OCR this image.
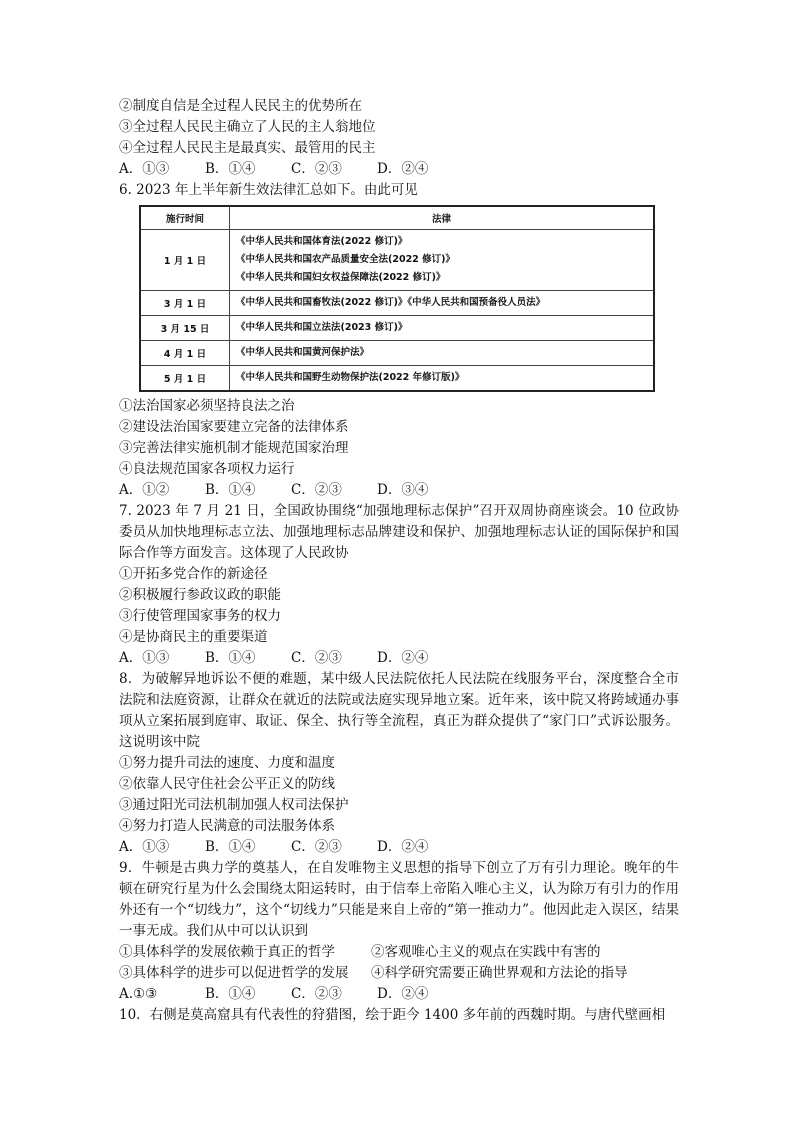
②制度自信是全过程人民民主的优势所在
③全过程人民民主确立了人民的主人翁地位
④全过程人民民主是最真实、最管用的民主
A．①③	B．①④	C．②③	D．②④
6. 2023 年上半年新生效法律汇总如下。由此可见
施行时间	法律
1 月 1 日	《中华人民共和国体育法(2022 修订)》
《中华人民共和国农产品质量安全法(2022 修订)》
《中华人民共和国妇女权益保障法(2022 修订)》

3 月 1 日	《中华人民共和国畜牧法(2022 修订)》《中华人民共和国预备役人员法》
3 月 15 日	《中华人民共和国立法法(2023 修订)》
4 月 1 日	《中华人民共和国黄河保护法》
5 月 1 日	《中华人民共和国野生动物保护法(2022 年修订版)》
①法治国家必须坚持良法之治
②建设法治国家要建立完备的法律体系
③完善法律实施机制才能规范国家治理
④良法规范国家各项权力运行
A．①②	B．①④	C．②③	D．③④
7. 2023 年 7 月 21 日，全国政协围绕“加强地理标志保护”召开双周协商座谈会。10 位政协委员从加快地理标志立法、加强地理标志品牌建设和保护、加强地理标志认证的国际保护和国际合作等方面发言。这体现了人民政协
①开拓多党合作的新途径
②积极履行参政议政的职能
③行使管理国家事务的权力
④是协商民主的重要渠道
A．①③	B．①④	C．②③	D．②④
8．为破解异地诉讼不便的难题，某中级人民法院依托人民法院在线服务平台，深度整合全市法院和法庭资源，让群众在就近的法院或法庭实现异地立案。近年来，该中院又将跨域通办事项从立案拓展到庭审、取证、保全、执行等全流程，真正为群众提供了“家门口”式诉讼服务。这说明该中院
①努力提升司法的速度、力度和温度
②依靠人民守住社会公平正义的防线
③通过阳光司法机制加强人权司法保护
④努力打造人民满意的司法服务体系
A．①③	B．①④	C．②③	D．②④
9．牛顿是古典力学的奠基人，在自发唯物主义思想的指导下创立了万有引力理论。晚年的牛顿在研究行星为什么会围绕太阳运转时，由于信奉上帝陷入唯心主义，认为除万有引力的作用外还有一个“切线力”，这个“切线力”只能是来自上帝的“第一推动力”。他因此走入误区，结果一事无成。我们从中可以认识到
①具体科学的发展依赖于真正的哲学	②客观唯心主义的观点在实践中有害的
③具体科学的进步可以促进哲学的发展	④科学研究需要正确世界观和方法论的指导
A.①③	B．①④	C．②③	D．②④
10．右侧是莫高窟具有代表性的狩猎图，绘于距今 1400 多年前的西魏时期。与唐代壁画相
